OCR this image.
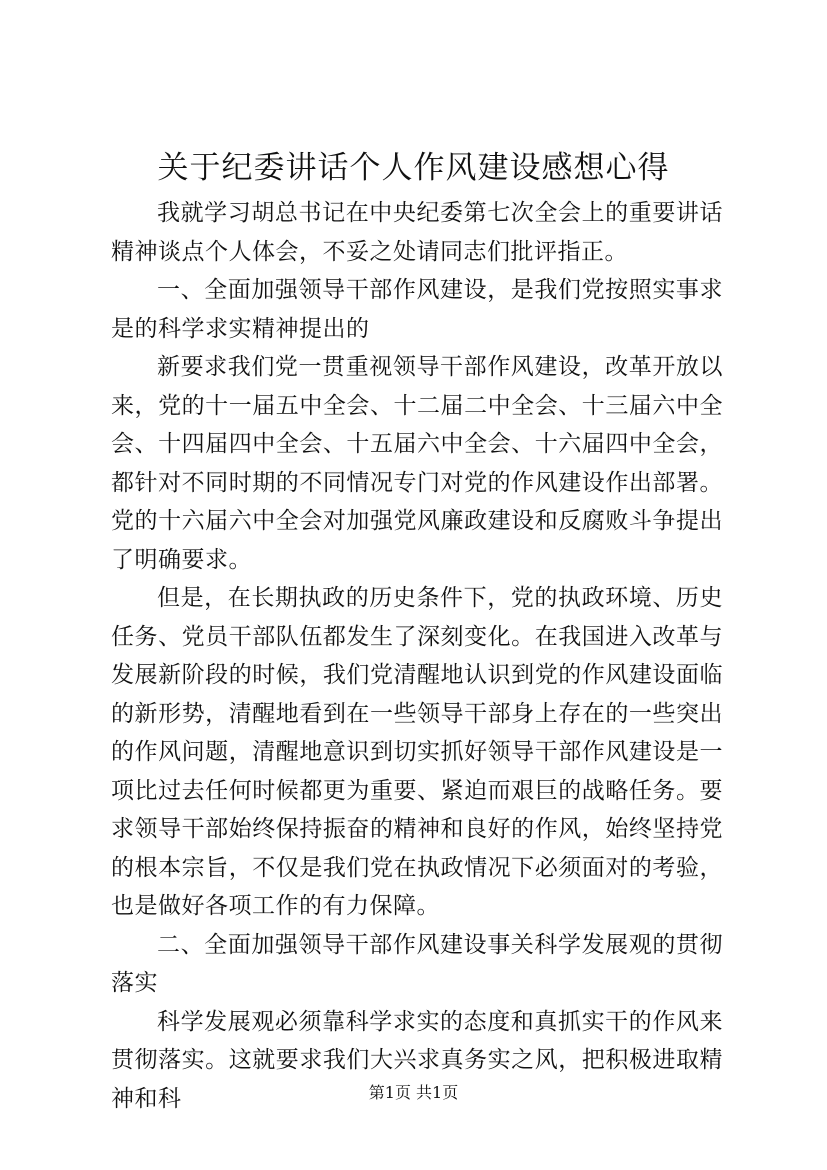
关于纪委讲话个人作风建设感想心得

我就学习胡总书记在中央纪委第七次全会上的重要讲话精神谈点个人体会，不妥之处请同志们批评指正。

一、全面加强领导干部作风建设，是我们党按照实事求是的科学求实精神提出的

新要求我们党一贯重视领导干部作风建设，改革开放以来，党的十一届五中全会、十二届二中全会、十三届六中全会、十四届四中全会、十五届六中全会、十六届四中全会，都针对不同时期的不同情况专门对党的作风建设作出部署。党的十六届六中全会对加强党风廉政建设和反腐败斗争提出了明确要求。

但是，在长期执政的历史条件下，党的执政环境、历史任务、党员干部队伍都发生了深刻变化。在我国进入改革与发展新阶段的时候，我们党清醒地认识到党的作风建设面临的新形势，清醒地看到在一些领导干部身上存在的一些突出的作风问题，清醒地意识到切实抓好领导干部作风建设是一项比过去任何时候都更为重要、紧迫而艰巨的战略任务。要求领导干部始终保持振奋的精神和良好的作风，始终坚持党的根本宗旨，不仅是我们党在执政情况下必须面对的考验，也是做好各项工作的有力保障。

二、全面加强领导干部作风建设事关科学发展观的贯彻落实

科学发展观必须靠科学求实的态度和真抓实干的作风来贯彻落实。这就要求我们大兴求真务实之风，把积极进取精神和科	第1页 共1页
